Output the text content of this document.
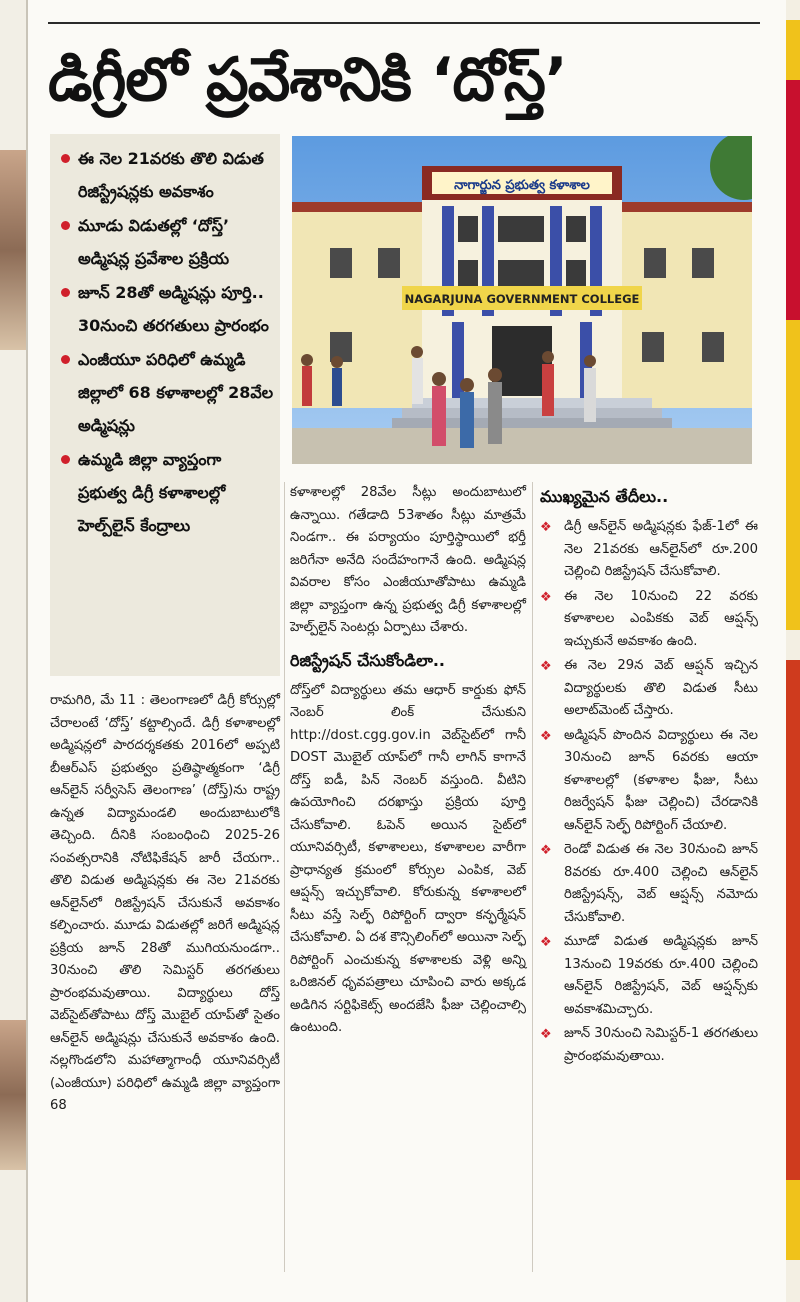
డిగ్రీలో ప్రవేశానికి ‘దోస్త్‌’
ఈ నెల 21వరకు తొలి విడుత రిజిస్ట్రేషన్లకు అవకాశం
మూడు విడుతల్లో ‘దోస్త్‌’ అడ్మిషన్ల ప్రవేశాల ప్రక్రియ
జూన్‌ 28తో అడ్మిషన్లు పూర్తి.. 30నుంచి తరగతులు ప్రారంభం
ఎంజీయూ పరిధిలో ఉమ్మడి జిల్లాలో 68 కళాశాలల్లో 28వేల అడ్మిషన్లు
ఉమ్మడి జిల్లా వ్యాప్తంగా ప్రభుత్వ డిగ్రీ కళాశాలల్లో హెల్ప్‌లైన్‌ కేంద్రాలు
నాగార్జున ప్రభుత్వ కళాశాల
NAGARJUNA GOVERNMENT COLLEGE

రామగిరి, మే 11 : తెలంగాణలో డిగ్రీ కోర్సుల్లో చేరాలంటే ‘దోస్త్‌’ కట్టాల్సిందే. డిగ్రీ కళాశాలల్లో అడ్మిషన్లలో పారదర్శకతకు 2016లో అప్పటి బీఆర్‌ఎస్‌ ప్రభుత్వం ప్రతిష్ఠాత్మకంగా ‘డిగ్రీ ఆన్‌లైన్‌ సర్వీసెస్‌ తెలంగాణ’ (దోస్త్‌)ను రాష్ట్ర ఉన్నత విద్యామండలి అందుబాటులోకి తెచ్చింది. దీనికి సంబంధించి 2025-26 సంవత్సరానికి నోటిఫికేషన్‌ జారీ చేయగా.. తొలి విడుత అడ్మిషన్లకు ఈ నెల 21వరకు ఆన్‌లైన్‌లో రిజిస్ట్రేషన్‌ చేసుకునే అవకాశం కల్పించారు. మూడు విడుతల్లో జరిగే అడ్మిషన్ల ప్రక్రియ జూన్‌ 28తో ముగియనుండగా.. 30నుంచి తొలి సెమిస్టర్‌ తరగతులు ప్రారంభమవుతాయి. విద్యార్థులు దోస్త్‌ వెబ్‌సైట్‌తోపాటు దోస్త్‌ మొబైల్‌ యాప్‌తో సైతం ఆన్‌లైన్‌ అడ్మిషన్లు చేసుకునే అవకాశం ఉంది. నల్లగొండలోని మహాత్మాగాంధీ యూనివర్సిటీ (ఎంజీయూ) పరిధిలో ఉమ్మడి జిల్లా వ్యాప్తంగా 68

కళాశాలల్లో 28వేల సీట్లు అందుబాటులో ఉన్నాయి. గతేడాది 53శాతం సీట్లు మాత్రమే నిండగా.. ఈ పర్యాయం పూర్తిస్థాయిలో భర్తీ జరిగేనా అనేది సందేహంగానే ఉంది. అడ్మిషన్ల వివరాల కోసం ఎంజీయూతోపాటు ఉమ్మడి జిల్లా వ్యాప్తంగా ఉన్న ప్రభుత్వ డిగ్రీ కళాశాలల్లో హెల్ప్‌లైన్‌ సెంటర్లు ఏర్పాటు చేశారు.

రిజిస్ట్రేషన్‌ చేసుకోండిలా..

దోస్త్‌లో విద్యార్థులు తమ ఆధార్‌ కార్డుకు ఫోన్‌ నెంబర్‌ లింక్‌ చేసుకుని http://dost.cgg.gov.in వెబ్‌సైట్‌లో గానీ DOST మొబైల్‌ యాప్‌లో గానీ లాగిన్‌ కాగానే దోస్త్‌ ఐడీ, పిన్‌ నెంబర్‌ వస్తుంది. వీటిని ఉపయోగించి దరఖాస్తు ప్రక్రియ పూర్తి చేసుకోవాలి. ఓపెన్‌ అయిన సైట్‌లో యూనివర్సిటీ, కళాశాలలు, కళాశాలల వారీగా ప్రాధాన్యత క్రమంలో కోర్సుల ఎంపిక, వెబ్‌ ఆప్షన్స్‌ ఇచ్చుకోవాలి. కోరుకున్న కళాశాలలో సీటు వస్తే సెల్ఫ్‌ రిపోర్టింగ్‌ ద్వారా కన్ఫర్మేషన్‌ చేసుకోవాలి. ఏ దశ కౌన్సిలింగ్‌లో అయినా సెల్ఫ్‌ రిపోర్టింగ్‌ ఎంచుకున్న కళాశాలకు వెళ్లి అన్ని ఒరిజినల్‌ ధృవపత్రాలు చూపించి వారు అక్కడ అడిగిన సర్టిఫికెట్స్‌ అందజేసి ఫీజు చెల్లించాల్సి ఉంటుంది.

ముఖ్యమైన తేదీలు..
❖ డిగ్రీ ఆన్‌లైన్‌ అడ్మిషన్లకు ఫేజ్‌-1లో ఈ నెల 21వరకు ఆన్‌లైన్‌లో రూ.200 చెల్లించి రిజిస్ట్రేషన్‌ చేసుకోవాలి.
❖ ఈ నెల 10నుంచి 22 వరకు కళాశాలల ఎంపికకు వెబ్‌ ఆప్షన్స్‌ ఇచ్చుకునే అవకాశం ఉంది.
❖ ఈ నెల 29న వెబ్‌ ఆప్షన్‌ ఇచ్చిన విద్యార్థులకు తొలి విడుత సీటు అలాట్‌మెంట్‌ చేస్తారు.
❖ అడ్మిషన్‌ పొందిన విద్యార్థులు ఈ నెల 30నుంచి జూన్‌ 6వరకు ఆయా కళాశాలల్లో (కళాశాల ఫీజు, సీటు రిజర్వేషన్‌ ఫీజు చెల్లించి) చేరడానికి ఆన్‌లైన్‌ సెల్ఫ్‌ రిపోర్టింగ్‌ చేయాలి.
❖ రెండో విడుత ఈ నెల 30నుంచి జూన్‌ 8వరకు రూ.400 చెల్లించి ఆన్‌లైన్‌ రిజిస్ట్రేషన్స్‌, వెబ్‌ ఆప్షన్స్‌ నమోదు చేసుకోవాలి.
❖ మూడో విడుత అడ్మిషన్లకు జూన్‌ 13నుంచి 19వరకు రూ.400 చెల్లించి ఆన్‌లైన్‌ రిజిస్ట్రేషన్‌, వెబ్‌ ఆప్షన్స్‌కు అవకాశమిచ్చారు.
❖ జూన్‌ 30నుంచి సెమిస్టర్‌-1 తరగతులు ప్రారంభమవుతాయి.
